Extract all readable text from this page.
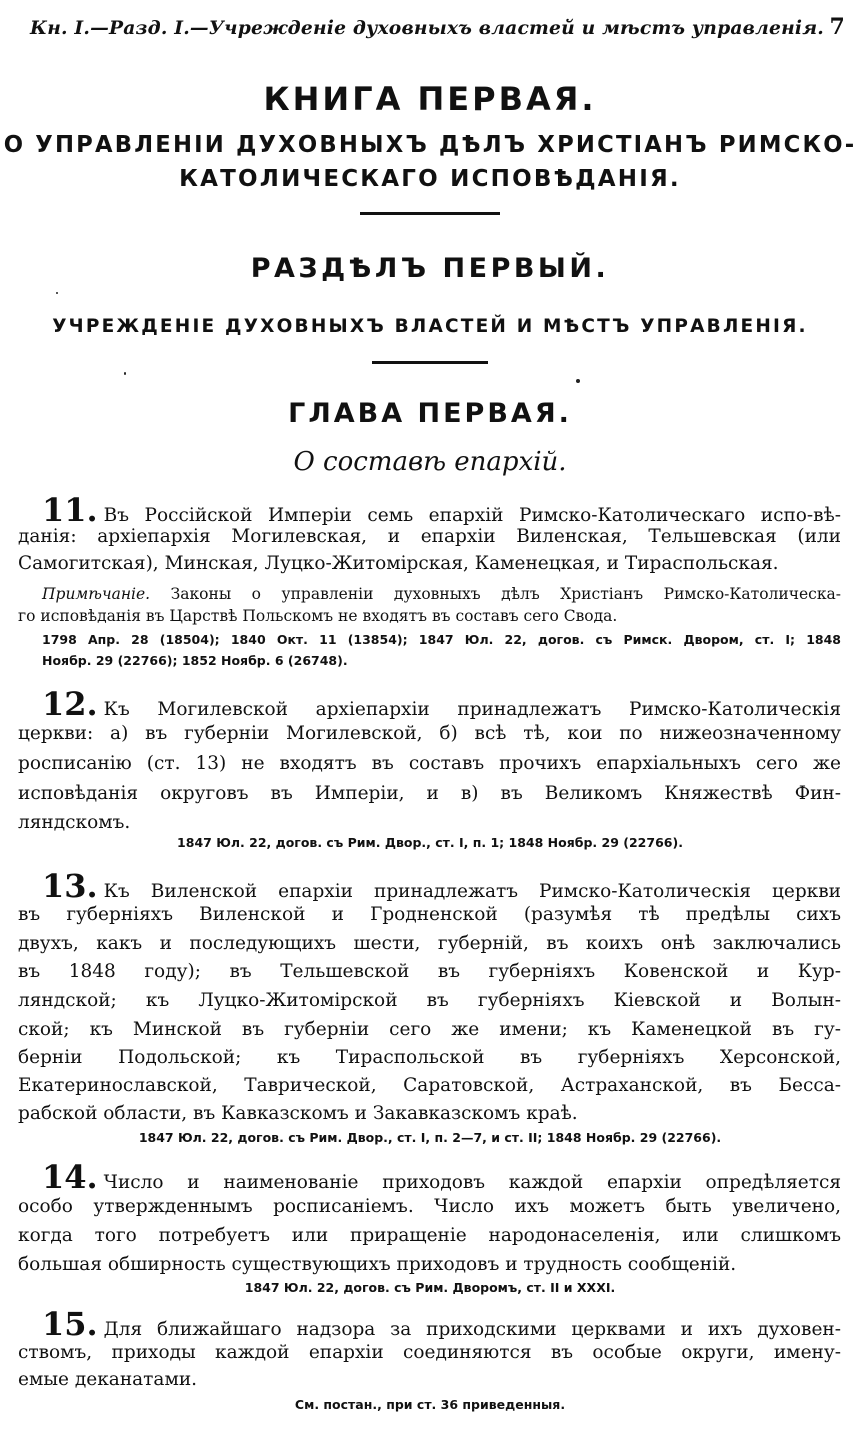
Кн. I.—Разд. I.—Учрежденіе духовныхъ властей и мѣстъ управленія. 7
КНИГА ПЕРВАЯ.
О УПРАВЛЕНІИ ДУХОВНЫХЪ ДѢЛЪ ХРИСТІАНЪ РИМСКО-
КАТОЛИЧЕСКАГО ИСПОВѢДАНІЯ.
РАЗДѢЛЪ ПЕРВЫЙ.
УЧРЕЖДЕНІЕ ДУХОВНЫХЪ ВЛАСТЕЙ И МѢСТЪ УПРАВЛЕНІЯ.
ГЛАВА ПЕРВАЯ.
О составѣ епархій.
11. Въ Россійской Имперіи семь епархій Римско-Католическаго испо-вѣ-
данія: архіепархія Могилевская, и епархіи Виленская, Тельшевская (или
Самогитская), Минская, Луцко-Житомірская, Каменецкая, и Тираспольская.
Примѣчаніе. Законы о управленіи духовныхъ дѣлъ Христіанъ Римско-Католическа-
го исповѣданія въ Царствѣ Польскомъ не входятъ въ составъ сего Свода.
1798 Апр. 28 (18504); 1840 Окт. 11 (13854); 1847 Юл. 22, догов. съ Римск. Двором, ст. I; 1848
Ноябр. 29 (22766); 1852 Ноябр. 6 (26748).
12. Къ Могилевской архіепархіи принадлежатъ Римско-Католическія
церкви: а) въ губерніи Могилевской, б) всѣ тѣ, кои по нижеозначенному
росписанію (ст. 13) не входятъ въ составъ прочихъ епархіальныхъ сего же
исповѣданія округовъ въ Имперіи, и в) въ Великомъ Княжествѣ Фин-
ляндскомъ.
1847 Юл. 22, догов. съ Рим. Двор., ст. I, п. 1; 1848 Ноябр. 29 (22766).
13. Къ Виленской епархіи принадлежатъ Римско-Католическія церкви
въ губерніяхъ Виленской и Гродненской (разумѣя тѣ предѣлы сихъ
двухъ, какъ и последующихъ шести, губерній, въ коихъ онѣ заключались
въ 1848 году); въ Тельшевской въ губерніяхъ Ковенской и Кур-
ляндской; къ Луцко-Житомірской въ губерніяхъ Кіевской и Волын-
ской; къ Минской въ губерніи сего же имени; къ Каменецкой въ гу-
берніи Подольской; къ Тираспольской въ губерніяхъ Херсонской,
Екатеринославской, Таврической, Саратовской, Астраханской, въ Бесса-
рабской области, въ Кавказскомъ и Закавказскомъ краѣ.
1847 Юл. 22, догов. съ Рим. Двор., ст. I, п. 2—7, и ст. II; 1848 Ноябр. 29 (22766).
14. Число и наименованіе приходовъ каждой епархіи опредѣляется
особо утвержденнымъ росписаніемъ. Число ихъ можетъ быть увеличено,
когда того потребуетъ или приращеніе народонаселенія, или слишкомъ
большая обширность существующихъ приходовъ и трудность сообщеній.
1847 Юл. 22, догов. съ Рим. Дворомъ, ст. II и XXXI.
15. Для ближайшаго надзора за приходскими церквами и ихъ духовен-
ствомъ, приходы каждой епархіи соединяются въ особые округи, имену-
емые деканатами.
См. постан., при ст. 36 приведенныя.
